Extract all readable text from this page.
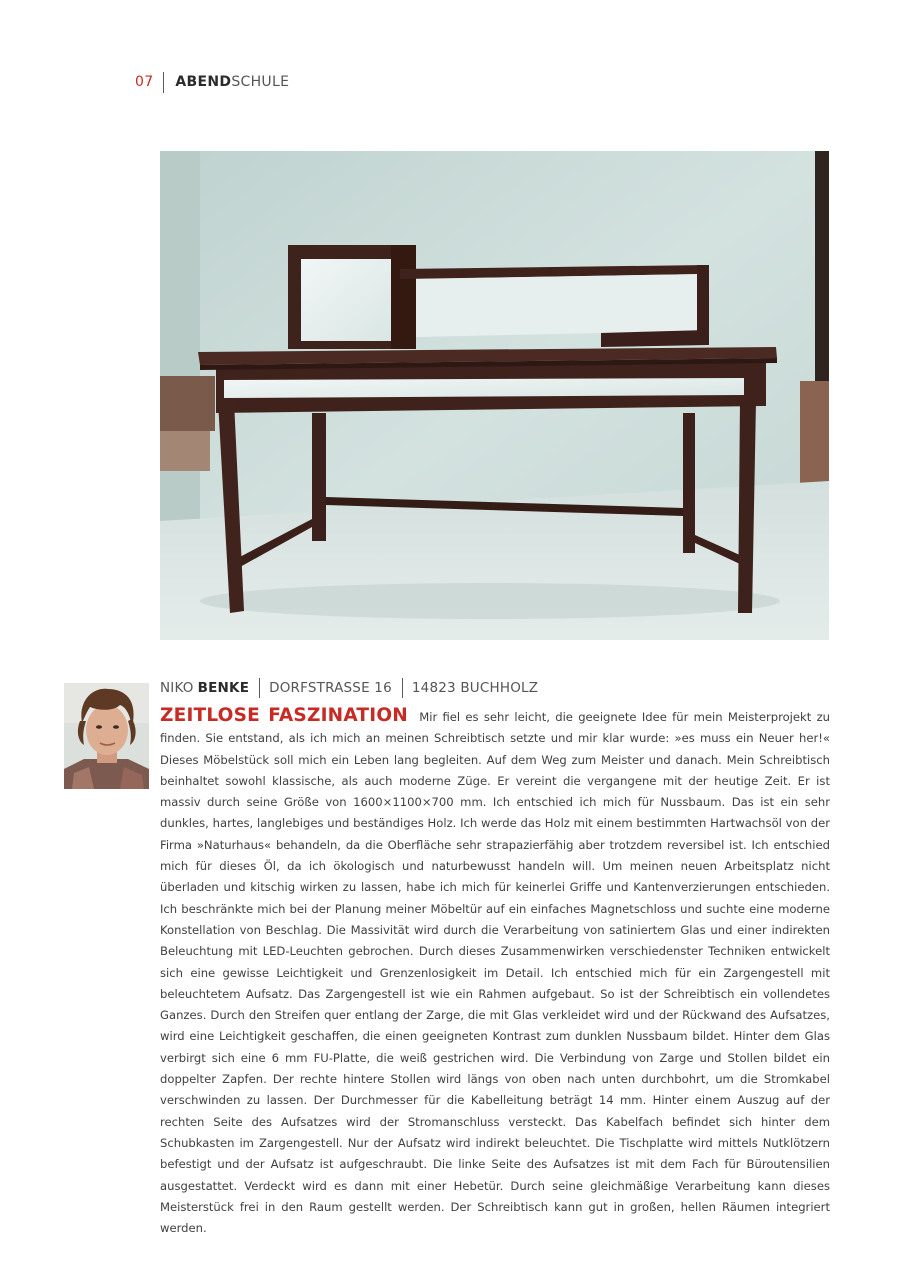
07 ABEND SCHULE
NIKO BENKE DORFSTRASSE 16 14823 BUCHHOLZ
ZEITLOSE FASZINATION Mir fiel es sehr leicht, die geeignete Idee für mein Meisterprojekt zu finden. Sie entstand, als ich mich an meinen Schreibtisch setzte und mir klar wurde: »es muss ein Neuer her!« Dieses Möbelstück soll mich ein Leben lang begleiten. Auf dem Weg zum Meister und danach. Mein Schreibtisch beinhaltet sowohl klassische, als auch moderne Züge. Er vereint die vergangene mit der heutige Zeit. Er ist massiv durch seine Größe von 1600×1100×700 mm. Ich entschied ich mich für Nussbaum. Das ist ein sehr dunkles, hartes, langlebiges und beständiges Holz. Ich werde das Holz mit einem bestimmten Hartwachsöl von der Firma »Naturhaus« behandeln, da die Oberfläche sehr strapazierfähig aber trotzdem reversibel ist. Ich entschied mich für dieses Öl, da ich ökologisch und naturbewusst handeln will. Um meinen neuen Arbeitsplatz nicht überladen und kitschig wirken zu lassen, habe ich mich für keinerlei Griffe und Kantenverzierungen entschieden. Ich beschränkte mich bei der Planung meiner Möbeltür auf ein einfaches Magnetschloss und suchte eine moderne Konstellation von Beschlag. Die Massivität wird durch die Verarbeitung von satiniertem Glas und einer indirekten Beleuchtung mit LED-Leuchten gebrochen. Durch dieses Zusammenwirken verschiedenster Techniken entwickelt sich eine gewisse Leichtigkeit und Grenzenlosigkeit im Detail. Ich entschied mich für ein Zargengestell mit beleuchtetem Aufsatz. Das Zargengestell ist wie ein Rahmen aufgebaut. So ist der Schreibtisch ein vollendetes Ganzes. Durch den Streifen quer entlang der Zarge, die mit Glas verkleidet wird und der Rückwand des Aufsatzes, wird eine Leichtigkeit geschaffen, die einen geeigneten Kontrast zum dunklen Nussbaum bildet. Hinter dem Glas verbirgt sich eine 6 mm FU-Platte, die weiß gestrichen wird. Die Verbindung von Zarge und Stollen bildet ein doppelter Zapfen. Der rechte hintere Stollen wird längs von oben nach unten durchbohrt, um die Stromkabel verschwinden zu lassen. Der Durchmesser für die Kabelleitung beträgt 14 mm. Hinter einem Auszug auf der rechten Seite des Aufsatzes wird der Stromanschluss versteckt. Das Kabelfach befindet sich hinter dem Schubkasten im Zargengestell. Nur der Aufsatz wird indirekt beleuchtet. Die Tischplatte wird mittels Nutklötzern befestigt und der Aufsatz ist aufgeschraubt. Die linke Seite des Aufsatzes ist mit dem Fach für Büroutensilien ausgestattet. Verdeckt wird es dann mit einer Hebetür. Durch seine gleichmäßige Verarbeitung kann dieses Meisterstück frei in den Raum gestellt werden. Der Schreibtisch kann gut in großen, hellen Räumen integriert werden.
